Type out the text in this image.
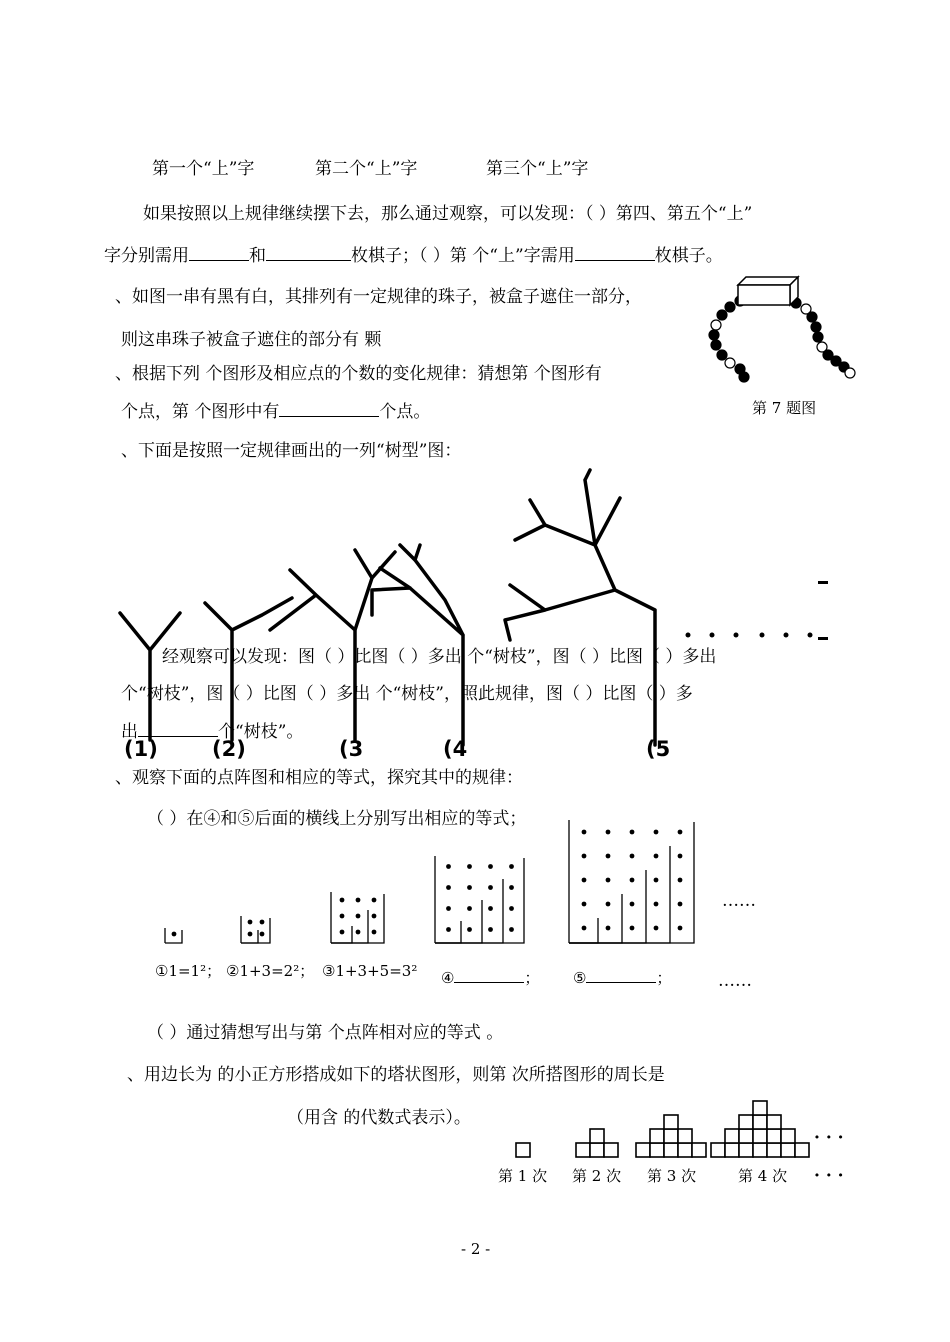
第一个“上”字	第二个“上”字	第三个“上”字
如果按照以上规律继续摆下去，那么通过观察，可以发现：（ ）第四、第五个“上”
字分别需用	和	枚棋子；（ ）第 个“上”字需用	枚棋子。
、如图一串有黑有白，其排列有一定规律的珠子，被盒子遮住一部分，
则这串珠子被盒子遮住的部分有 颗
第 7 题图
、根据下列 个图形及相应点的个数的变化规律：猜想第 个图形有
个点，第 个图形中有	个点。
、下面是按照一定规律画出的一列“树型”图：
经观察可以发现：图（ ）比图（ ）多出 个“树枝”，图（ ）比图（ ）多出
个“树枝”，图（ ）比图（ ）多出 个“树枝”，照此规律，图（ ）比图（ ）多
出	个“树枝”。
(1)	(2)	(3	(4	(5
、观察下面的点阵图和相应的等式，探究其中的规律：
（ ）在④和⑤后面的横线上分别写出相应的等式；
……
①1=1²； ②1+3=2²； ③1+3+5=3² ④	； ⑤	；	……
（ ）通过猜想写出与第 个点阵相对应的等式 。
、用边长为 的小正方形搭成如下的塔状图形，则第 次所搭图形的周长是
（用含 的代数式表示）。
· · ·
第 1 次 第 2 次 第 3 次	第 4 次 · · ·
- 2 -
